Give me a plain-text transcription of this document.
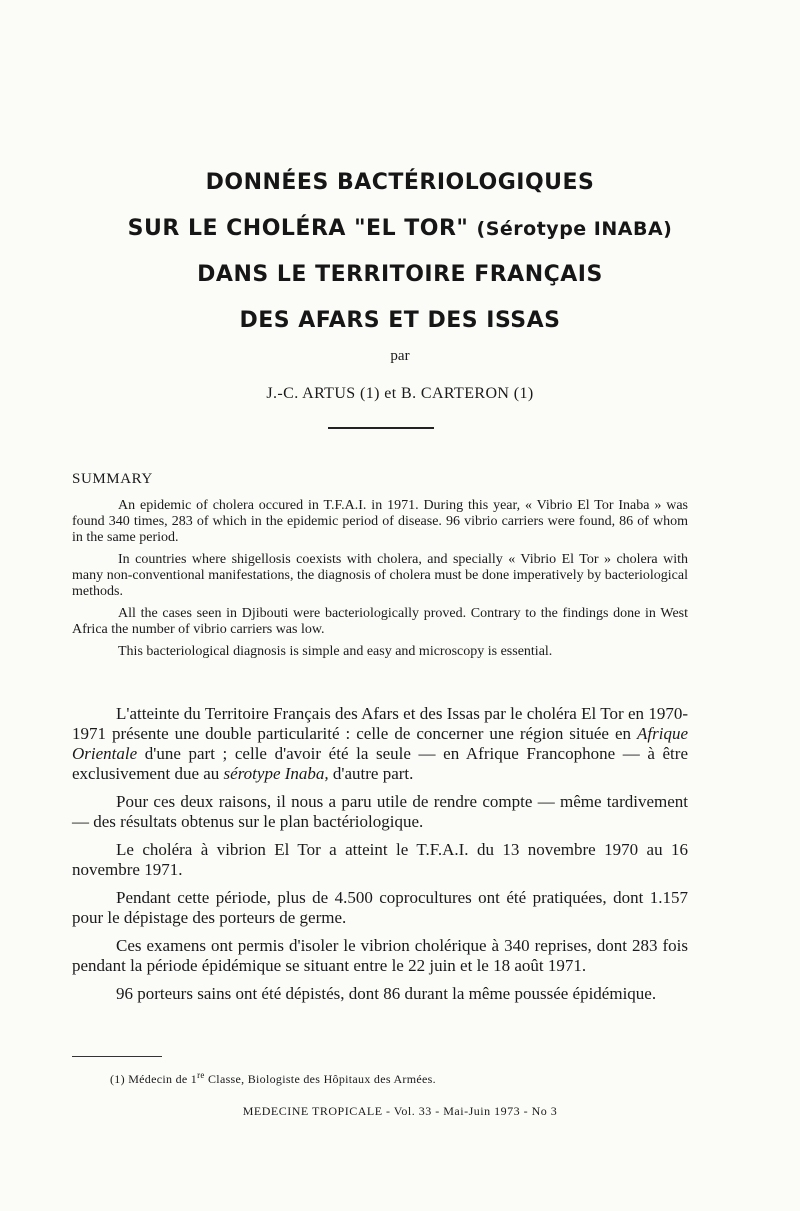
DONNÉES BACTÉRIOLOGIQUES

SUR LE CHOLÉRA "EL TOR" (Sérotype INABA)

DANS LE TERRITOIRE FRANÇAIS

DES AFARS ET DES ISSAS

par
J.-C. ARTUS (1) et B. CARTERON (1)
SUMMARY

An epidemic of cholera occured in T.F.A.I. in 1971. During this year, « Vibrio El Tor Inaba » was found 340 times, 283 of which in the epidemic period of disease. 96 vibrio carriers were found, 86 of whom in the same period.

In countries where shigellosis coexists with cholera, and specially « Vibrio El Tor » cholera with many non-conventional manifestations, the diagnosis of cholera must be done imperatively by bacteriological methods.

All the cases seen in Djibouti were bacteriologically proved. Contrary to the findings done in West Africa the number of vibrio carriers was low.

This bacteriological diagnosis is simple and easy and microscopy is essential.

L'atteinte du Territoire Français des Afars et des Issas par le choléra El Tor en 1970-1971 présente une double particularité : celle de concerner une région située en Afrique Orientale d'une part ; celle d'avoir été la seule — en Afrique Francophone — à être exclusivement due au sérotype Inaba, d'autre part.

Pour ces deux raisons, il nous a paru utile de rendre compte — même tardivement — des résultats obtenus sur le plan bactériologique.

Le choléra à vibrion El Tor a atteint le T.F.A.I. du 13 novembre 1970 au 16 novembre 1971.

Pendant cette période, plus de 4.500 coprocultures ont été pratiquées, dont 1.157 pour le dépistage des porteurs de germe.

Ces examens ont permis d'isoler le vibrion cholérique à 340 reprises, dont 283 fois pendant la période épidémique se situant entre le 22 juin et le 18 août 1971.

96 porteurs sains ont été dépistés, dont 86 durant la même poussée épidémique.

(1) Médecin de 1re Classe, Biologiste des Hôpitaux des Armées.
MEDECINE TROPICALE - Vol. 33 - Mai-Juin 1973 - No 3
